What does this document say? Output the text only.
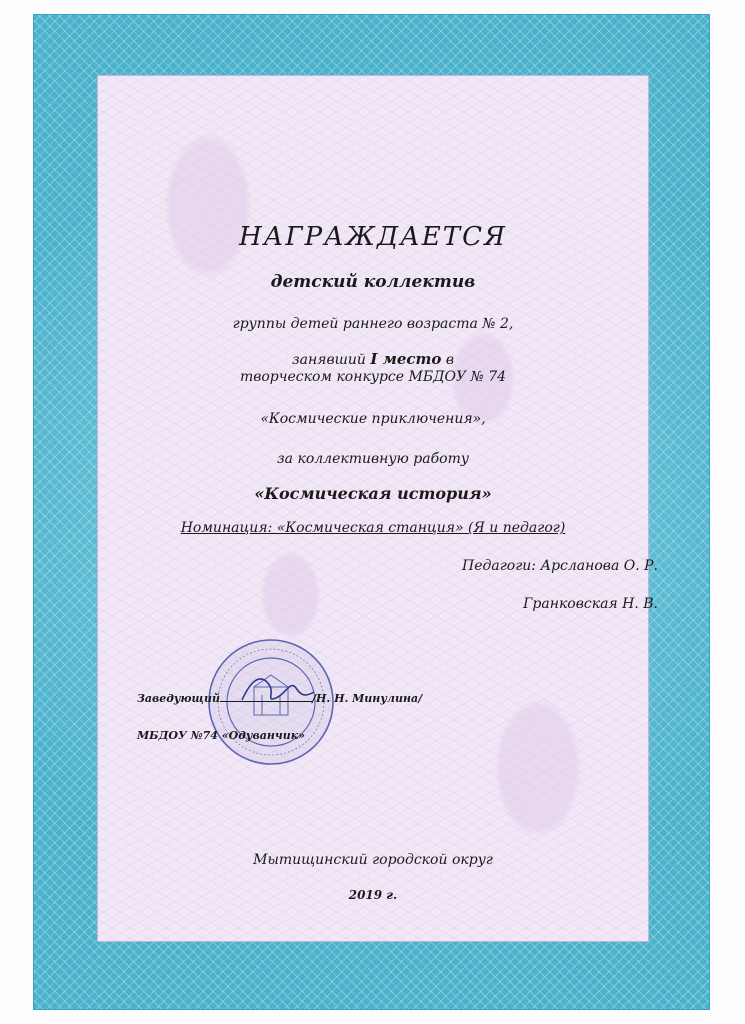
НАГРАЖДАЕТСЯ
детский коллектив
группы детей раннего возраста № 2,
занявший I место в
творческом конкурсе МБДОУ № 74
«Космические приключения»,
за коллективную работу
«Космическая история»
Номинация: «Космическая станция» (Я и педагог)
Педагоги: Арсланова О. Р.
Гранковская Н. В.
Заведующий	/Н. Н. Минулина/
МБДОУ №74 «Одуванчик»
Мытищинский городской округ
2019 г.
